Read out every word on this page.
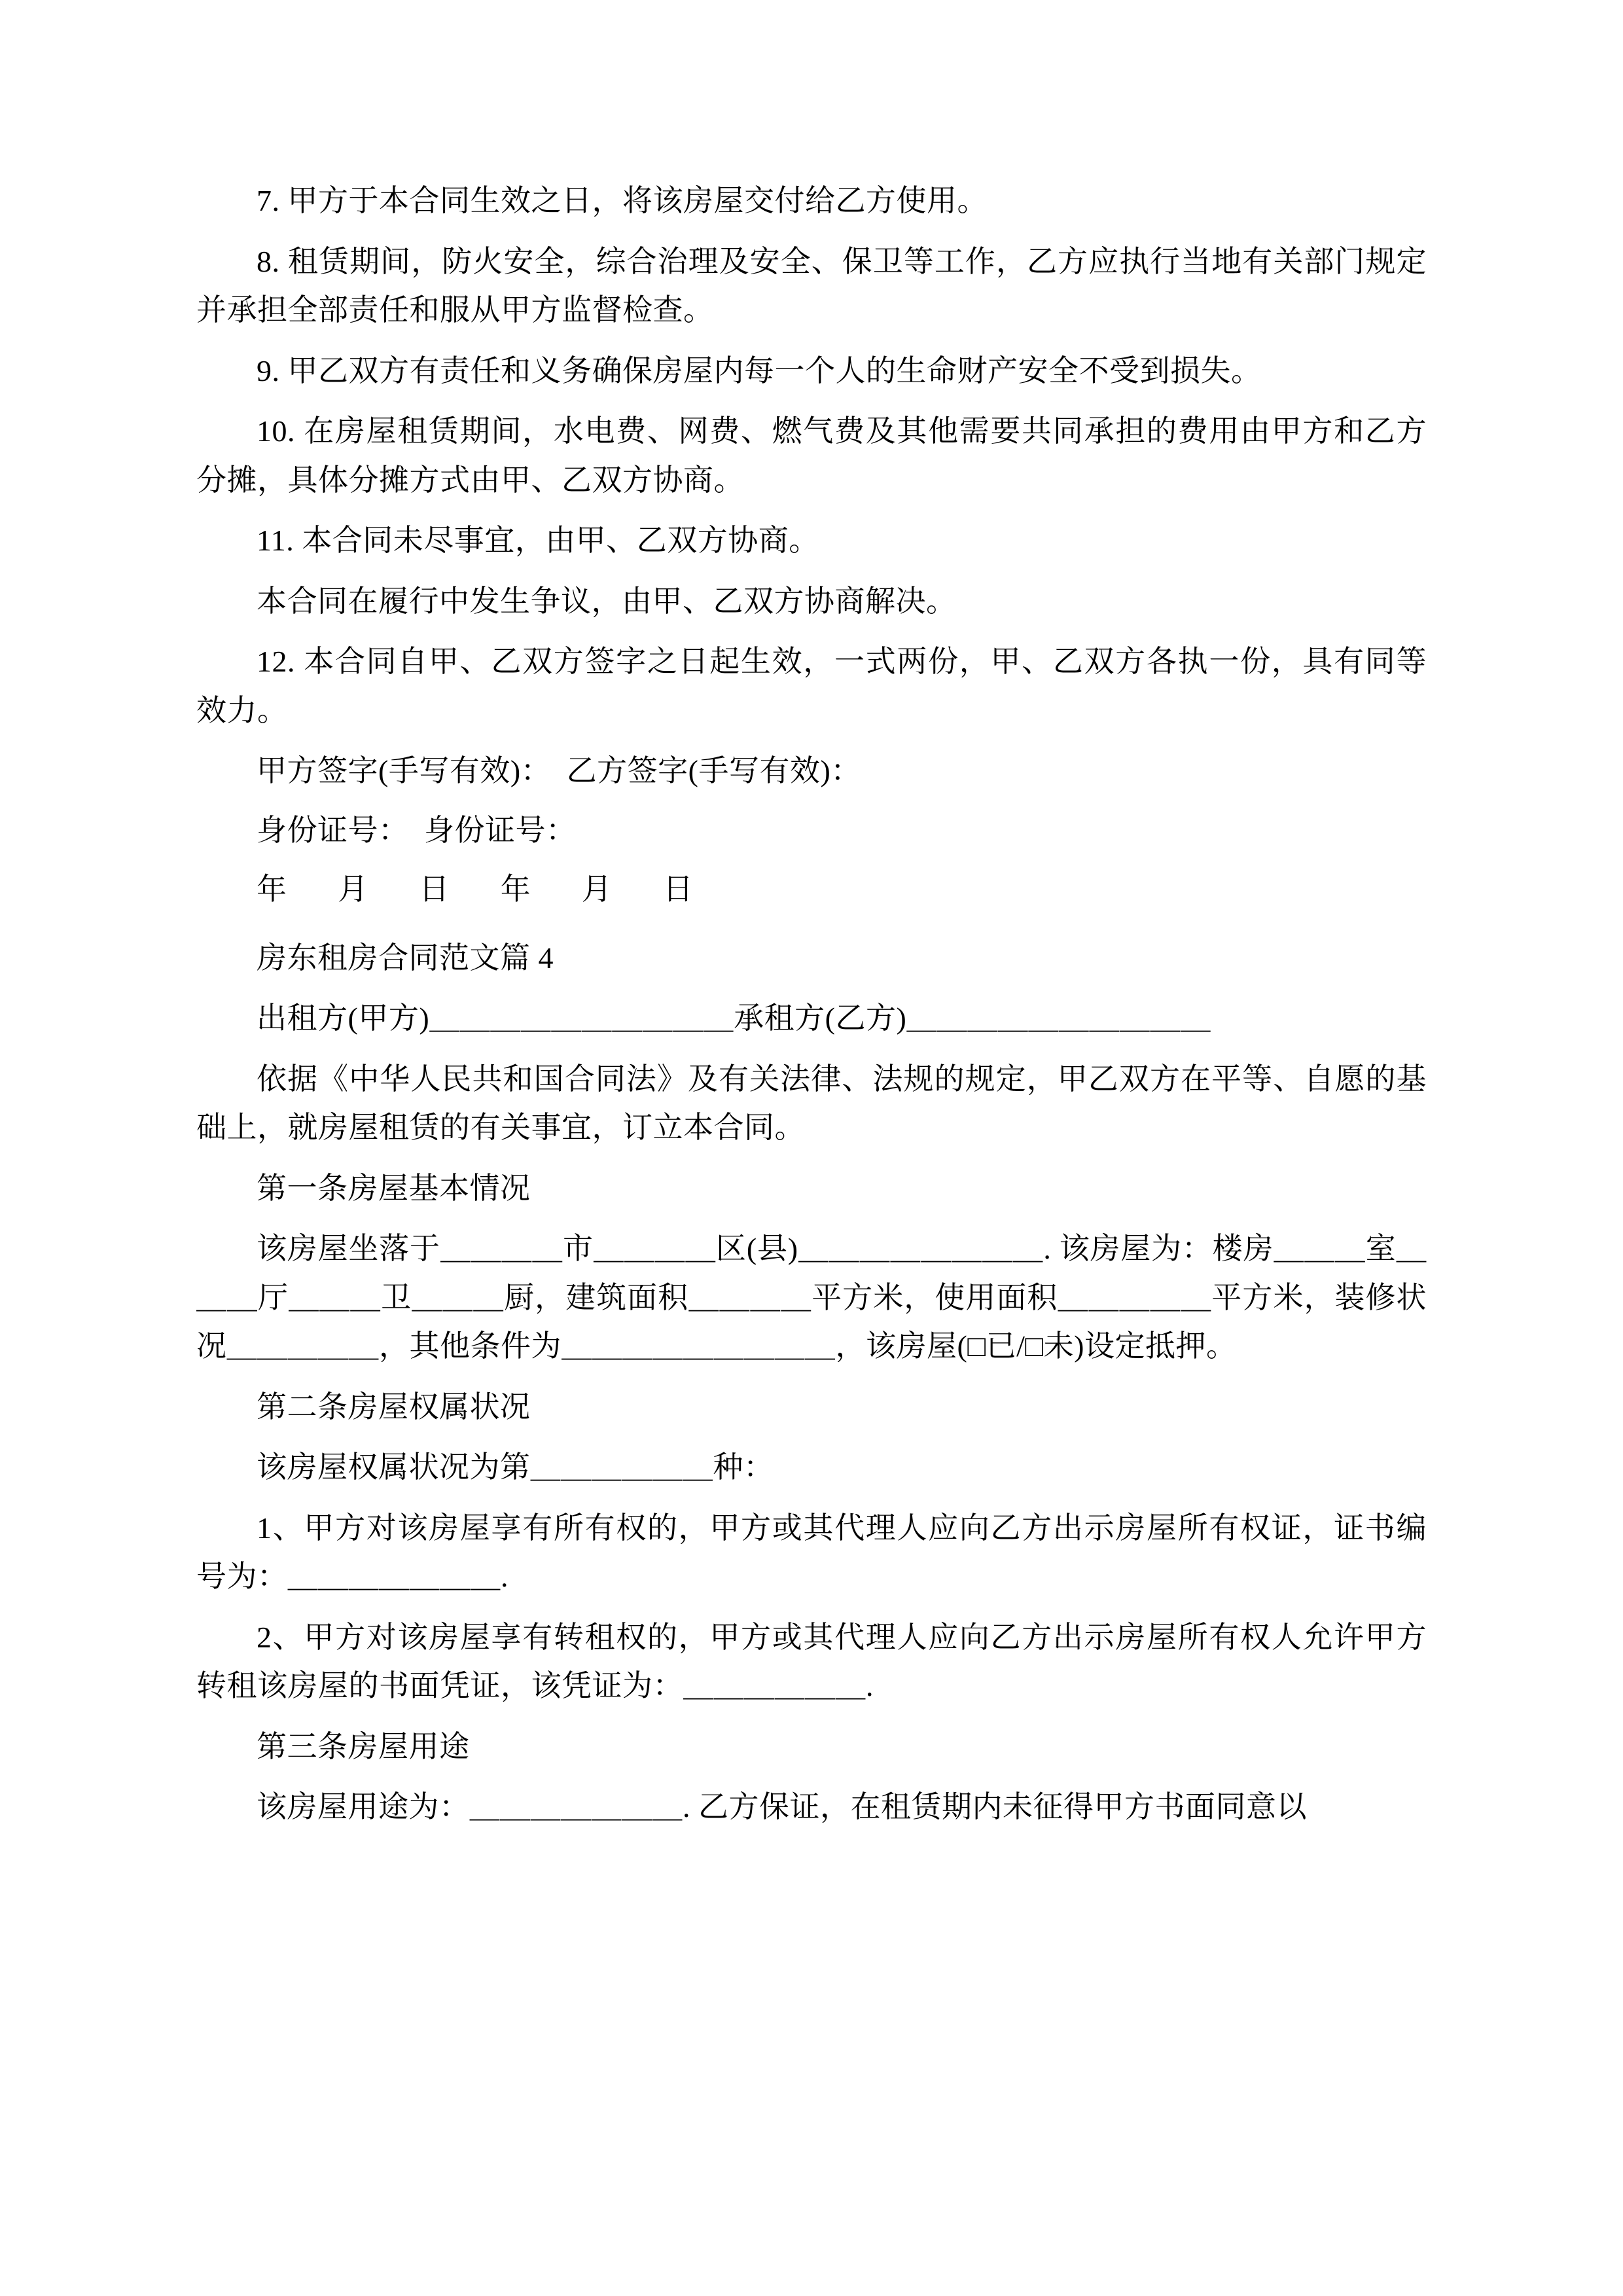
7. 甲方于本合同生效之日，将该房屋交付给乙方使用。

8. 租赁期间，防火安全，综合治理及安全、保卫等工作，乙方应执行当地有关部门规定并承担全部责任和服从甲方监督检查。

9. 甲乙双方有责任和义务确保房屋内每一个人的生命财产安全不受到损失。

10. 在房屋租赁期间，水电费、网费、燃气费及其他需要共同承担的费用由甲方和乙方分摊，具体分摊方式由甲、乙双方协商。

11. 本合同未尽事宜，由甲、乙双方协商。

本合同在履行中发生争议，由甲、乙双方协商解决。

12. 本合同自甲、乙双方签字之日起生效，一式两份，甲、乙双方各执一份，具有同等效力。

甲方签字(手写有效)：　乙方签字(手写有效)：

身份证号：　身份证号：

年　月　日　年　月　日

房东租房合同范文篇 4

出租方(甲方)＿＿＿＿＿＿＿＿＿＿承租方(乙方)＿＿＿＿＿＿＿＿＿＿

依据《中华人民共和国合同法》及有关法律、法规的规定，甲乙双方在平等、自愿的基础上，就房屋租赁的有关事宜，订立本合同。

第一条房屋基本情况

该房屋坐落于＿＿＿＿市＿＿＿＿区(县)＿＿＿＿＿＿＿＿. 该房屋为：楼房＿＿＿室＿＿＿厅＿＿＿卫＿＿＿厨，建筑面积＿＿＿＿平方米，使用面积＿＿＿＿＿平方米，装修状况＿＿＿＿＿，其他条件为＿＿＿＿＿＿＿＿＿，该房屋(□已/□未)设定抵押。

第二条房屋权属状况

该房屋权属状况为第＿＿＿＿＿＿种：

1、甲方对该房屋享有所有权的，甲方或其代理人应向乙方出示房屋所有权证，证书编号为：＿＿＿＿＿＿＿.

2、甲方对该房屋享有转租权的，甲方或其代理人应向乙方出示房屋所有权人允许甲方转租该房屋的书面凭证，该凭证为：＿＿＿＿＿＿.

第三条房屋用途

该房屋用途为：＿＿＿＿＿＿＿. 乙方保证，在租赁期内未征得甲方书面同意以
